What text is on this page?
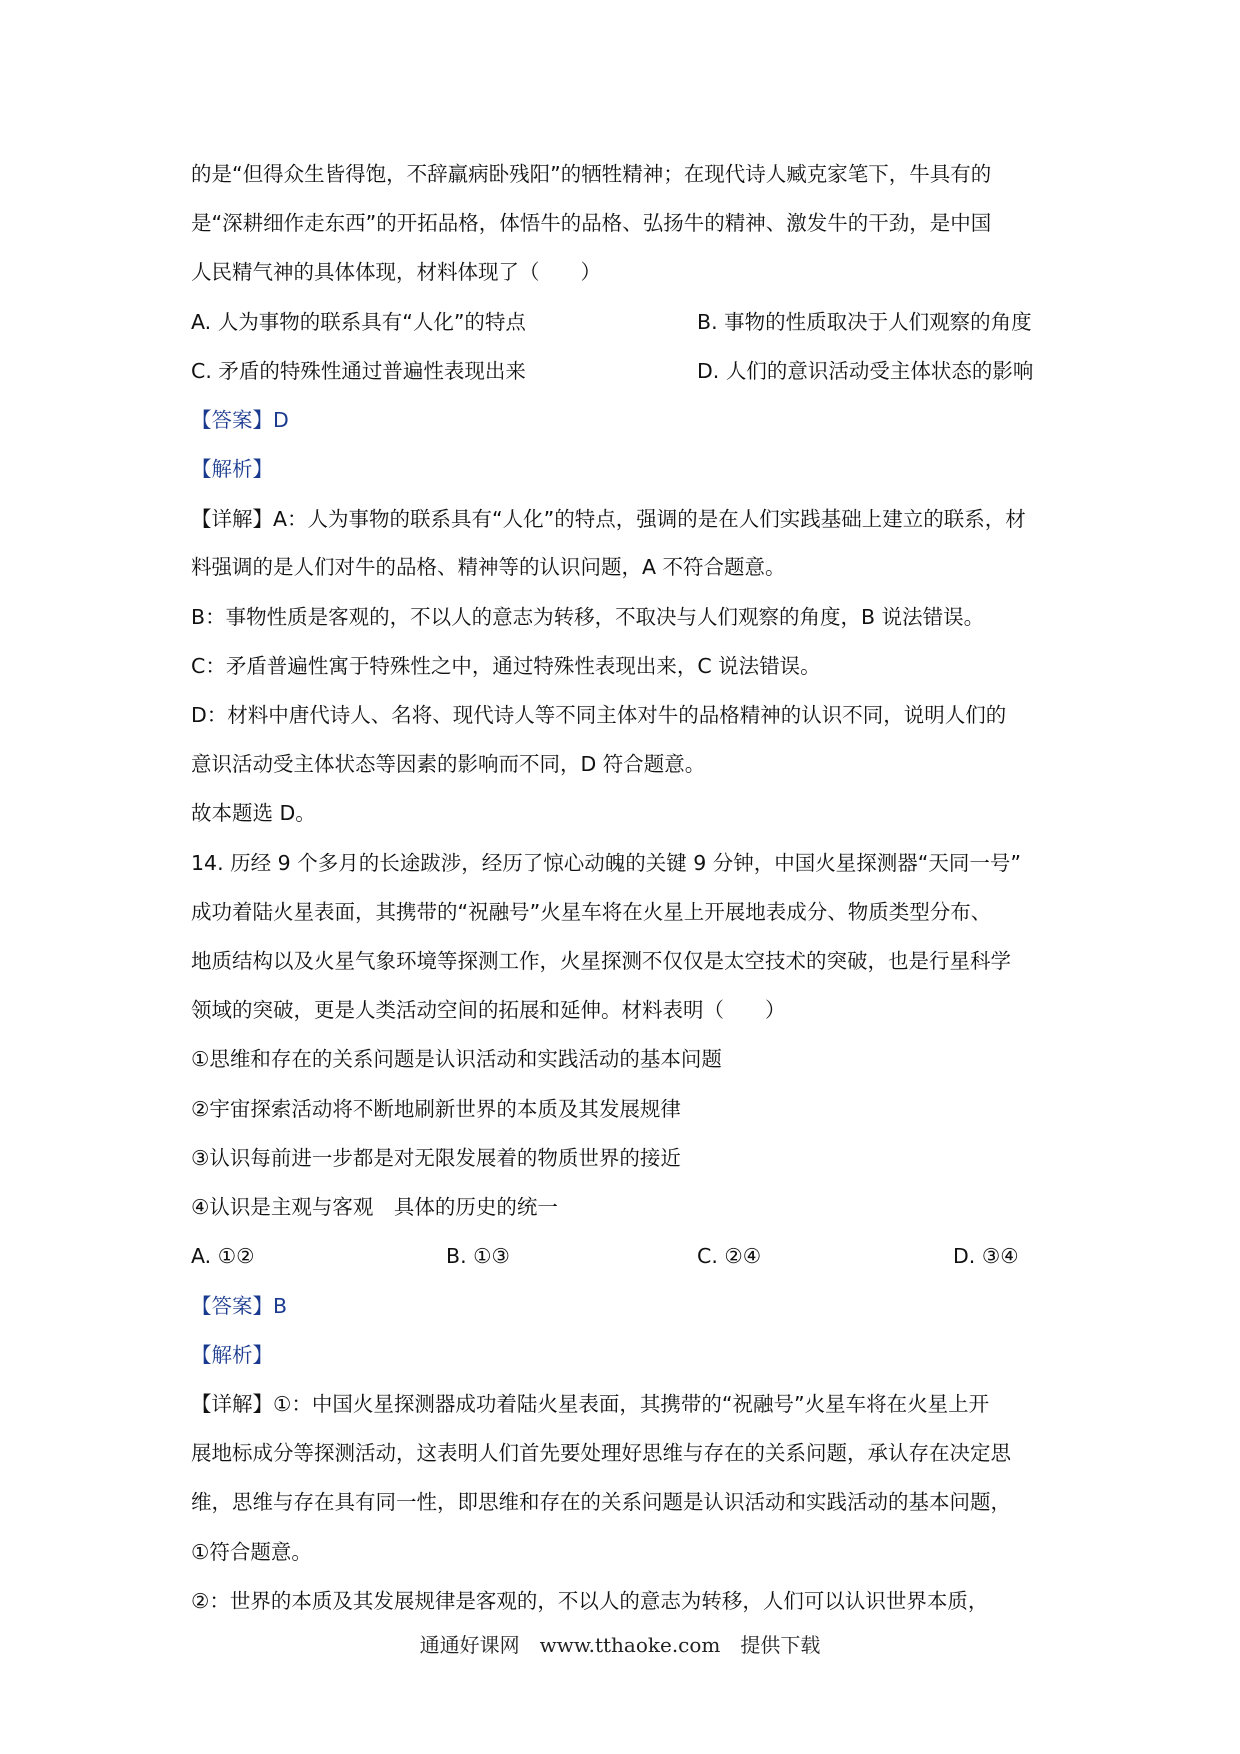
的是“但得众生皆得饱，不辞羸病卧残阳”的牺牲精神；在现代诗人臧克家笔下，牛具有的
是“深耕细作走东西”的开拓品格，体悟牛的品格、弘扬牛的精神、激发牛的干劲，是中国
人民精气神的具体体现，材料体现了（　　）
A. 人为事物的联系具有“人化”的特点	B. 事物的性质取决于人们观察的角度
C. 矛盾的特殊性通过普遍性表现出来	D. 人们的意识活动受主体状态的影响
【答案】D
【解析】
【详解】A：人为事物的联系具有“人化”的特点，强调的是在人们实践基础上建立的联系，材
料强调的是人们对牛的品格、精神等的认识问题，A 不符合题意。
B：事物性质是客观的，不以人的意志为转移，不取决与人们观察的角度，B 说法错误。
C：矛盾普遍性寓于特殊性之中，通过特殊性表现出来，C 说法错误。
D：材料中唐代诗人、名将、现代诗人等不同主体对牛的品格精神的认识不同，说明人们的
意识活动受主体状态等因素的影响而不同，D 符合题意。
故本题选 D。
14. 历经 9 个多月的长途跋涉，经历了惊心动魄的关键 9 分钟，中国火星探测器“天同一号”
成功着陆火星表面，其携带的“祝融号”火星车将在火星上开展地表成分、物质类型分布、
地质结构以及火星气象环境等探测工作，火星探测不仅仅是太空技术的突破，也是行星科学
领域的突破，更是人类活动空间的拓展和延伸。材料表明（　　）
①思维和存在的关系问题是认识活动和实践活动的基本问题
②宇宙探索活动将不断地刷新世界的本质及其发展规律
③认识每前进一步都是对无限发展着的物质世界的接近
④认识是主观与客观　具体的历史的统一
A. ①②	B. ①③	C. ②④	D. ③④
【答案】B
【解析】
【详解】①：中国火星探测器成功着陆火星表面，其携带的“祝融号”火星车将在火星上开
展地标成分等探测活动，这表明人们首先要处理好思维与存在的关系问题，承认存在决定思
维，思维与存在具有同一性，即思维和存在的关系问题是认识活动和实践活动的基本问题，
①符合题意。
②：世界的本质及其发展规律是客观的，不以人的意志为转移，人们可以认识世界本质，
通通好课网　www.tthaoke.com　提供下载
